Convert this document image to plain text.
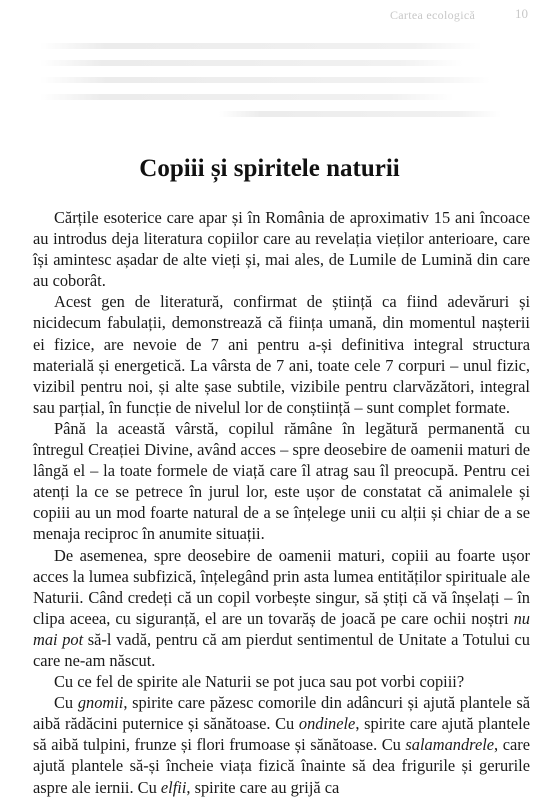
Cartea ecologică	10
Copiii și spiritele naturii

Cărțile esoterice care apar și în România de aproximativ 15 ani încoace au introdus deja literatura copiilor care au revelația vieților anterioare, care își amintesc așadar de alte vieți și, mai ales, de Lumile de Lumină din care au coborât.

Acest gen de literatură, confirmat de știință ca fiind adevăruri și nicidecum fabulații, demonstrează că ființa umană, din momentul nașterii ei fizice, are nevoie de 7 ani pentru a-și definitiva integral structura materială și energetică. La vârsta de 7 ani, toate cele 7 corpuri – unul fizic, vizibil pentru noi, și alte șase subtile, vizibile pentru clarvăzători, integral sau parțial, în funcție de nivelul lor de conștiință – sunt complet formate.

Până la această vârstă, copilul rămâne în legătură permanentă cu întregul Creației Divine, având acces – spre deosebire de oamenii maturi de lângă el – la toate formele de viață care îl atrag sau îl preocupă. Pentru cei atenți la ce se petrece în jurul lor, este ușor de constatat că animalele și copiii au un mod foarte natural de a se înțelege unii cu alții și chiar de a se menaja reciproc în anumite situații.

De asemenea, spre deosebire de oamenii maturi, copiii au foarte ușor acces la lumea subfizică, înțelegând prin asta lumea entităților spirituale ale Naturii. Când credeți că un copil vorbește singur, să știți că vă înșelați – în clipa aceea, cu siguranță, el are un tovarăș de joacă pe care ochii noștri nu mai pot să-l vadă, pentru că am pierdut sentimentul de Unitate a Totului cu care ne-am născut.

Cu ce fel de spirite ale Naturii se pot juca sau pot vorbi copiii?

Cu gnomii, spirite care păzesc comorile din adâncuri și ajută plantele să aibă rădăcini puternice și sănătoase. Cu ondinele, spirite care ajută plantele să aibă tulpini, frunze și flori frumoase și sănătoase. Cu salamandrele, care ajută plantele să-și încheie viața fizică înainte să dea frigurile și gerurile aspre ale iernii. Cu elfii, spirite care au grijă ca
